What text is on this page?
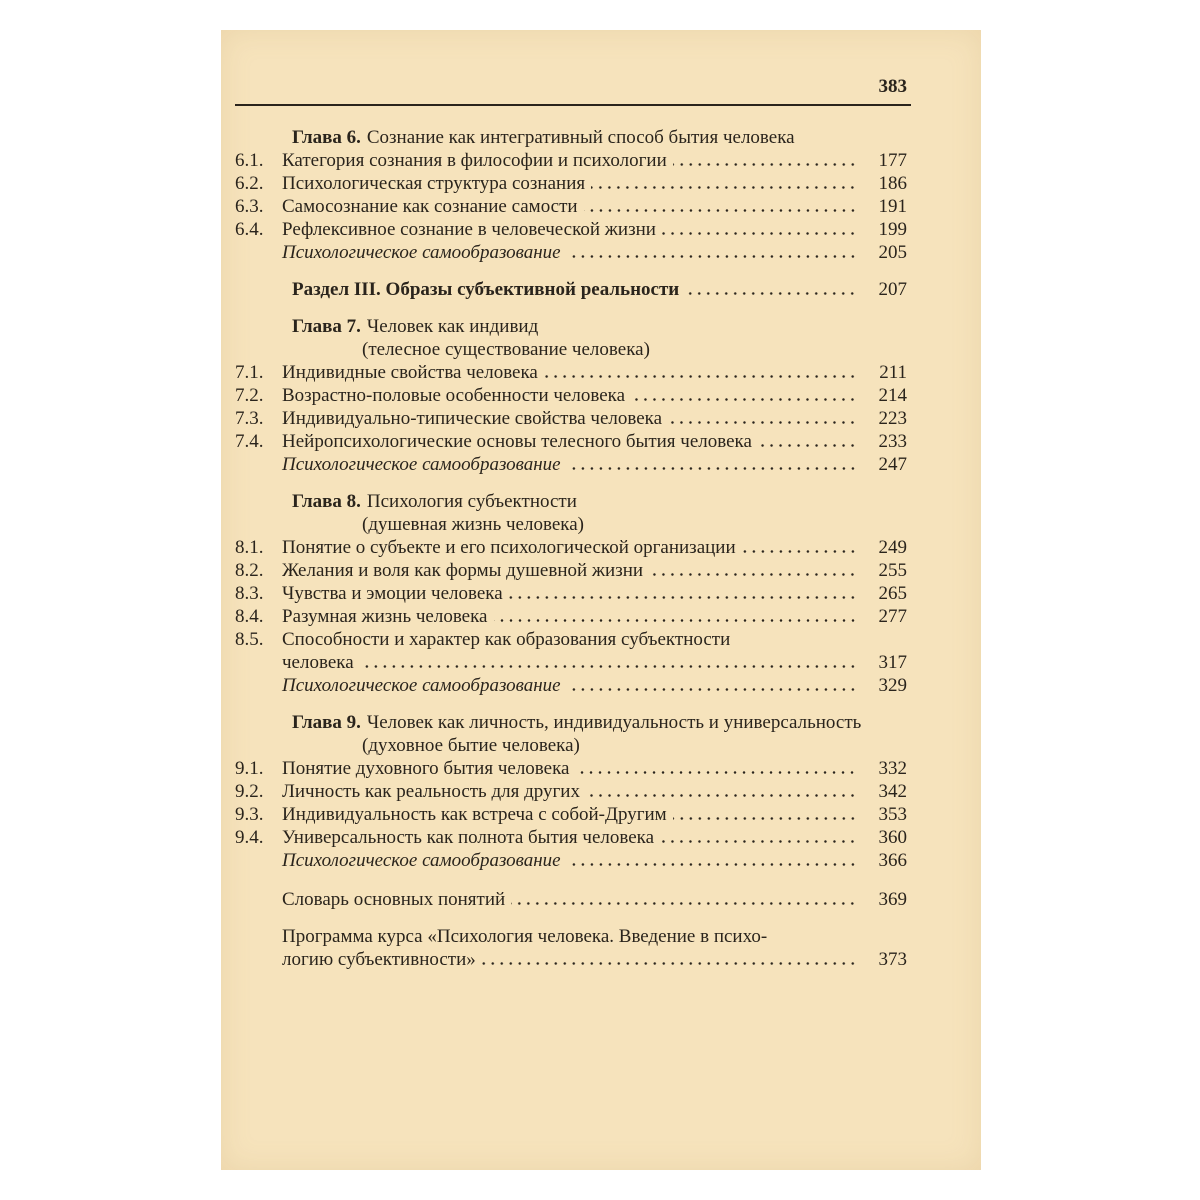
383
Глава 6. Сознание как интегративный способ бытия человека
6.1. Категория сознания в философии и психологии	177
6.2. Психологическая структура сознания	186
6.3. Самосознание как сознание самости	191
6.4. Рефлексивное сознание в человеческой жизни	199
Психологическое самообразование	205
Раздел III. Образы субъективной реальности	207
Глава 7. Человек как индивид
(телесное существование человека)
7.1. Индивидные свойства человека	211
7.2. Возрастно-половые особенности человека	214
7.3. Индивидуально-типические свойства человека	223
7.4. Нейропсихологические основы телесного бытия человека	233
Психологическое самообразование	247
Глава 8. Психология субъектности
(душевная жизнь человека)
8.1. Понятие о субъекте и его психологической организации	249
8.2. Желания и воля как формы душевной жизни	255
8.3. Чувства и эмоции человека	265
8.4. Разумная жизнь человека	277
8.5. Способности и характер как образования субъектности
человека	317
Психологическое самообразование	329
Глава 9. Человек как личность, индивидуальность и универсальность
(духовное бытие человека)
9.1. Понятие духовного бытия человека	332
9.2. Личность как реальность для других	342
9.3. Индивидуальность как встреча с собой-Другим	353
9.4. Универсальность как полнота бытия человека	360
Психологическое самообразование	366
Словарь основных понятий	369
Программа курса «Психология человека. Введение в психо-
логию субъективности»	373
